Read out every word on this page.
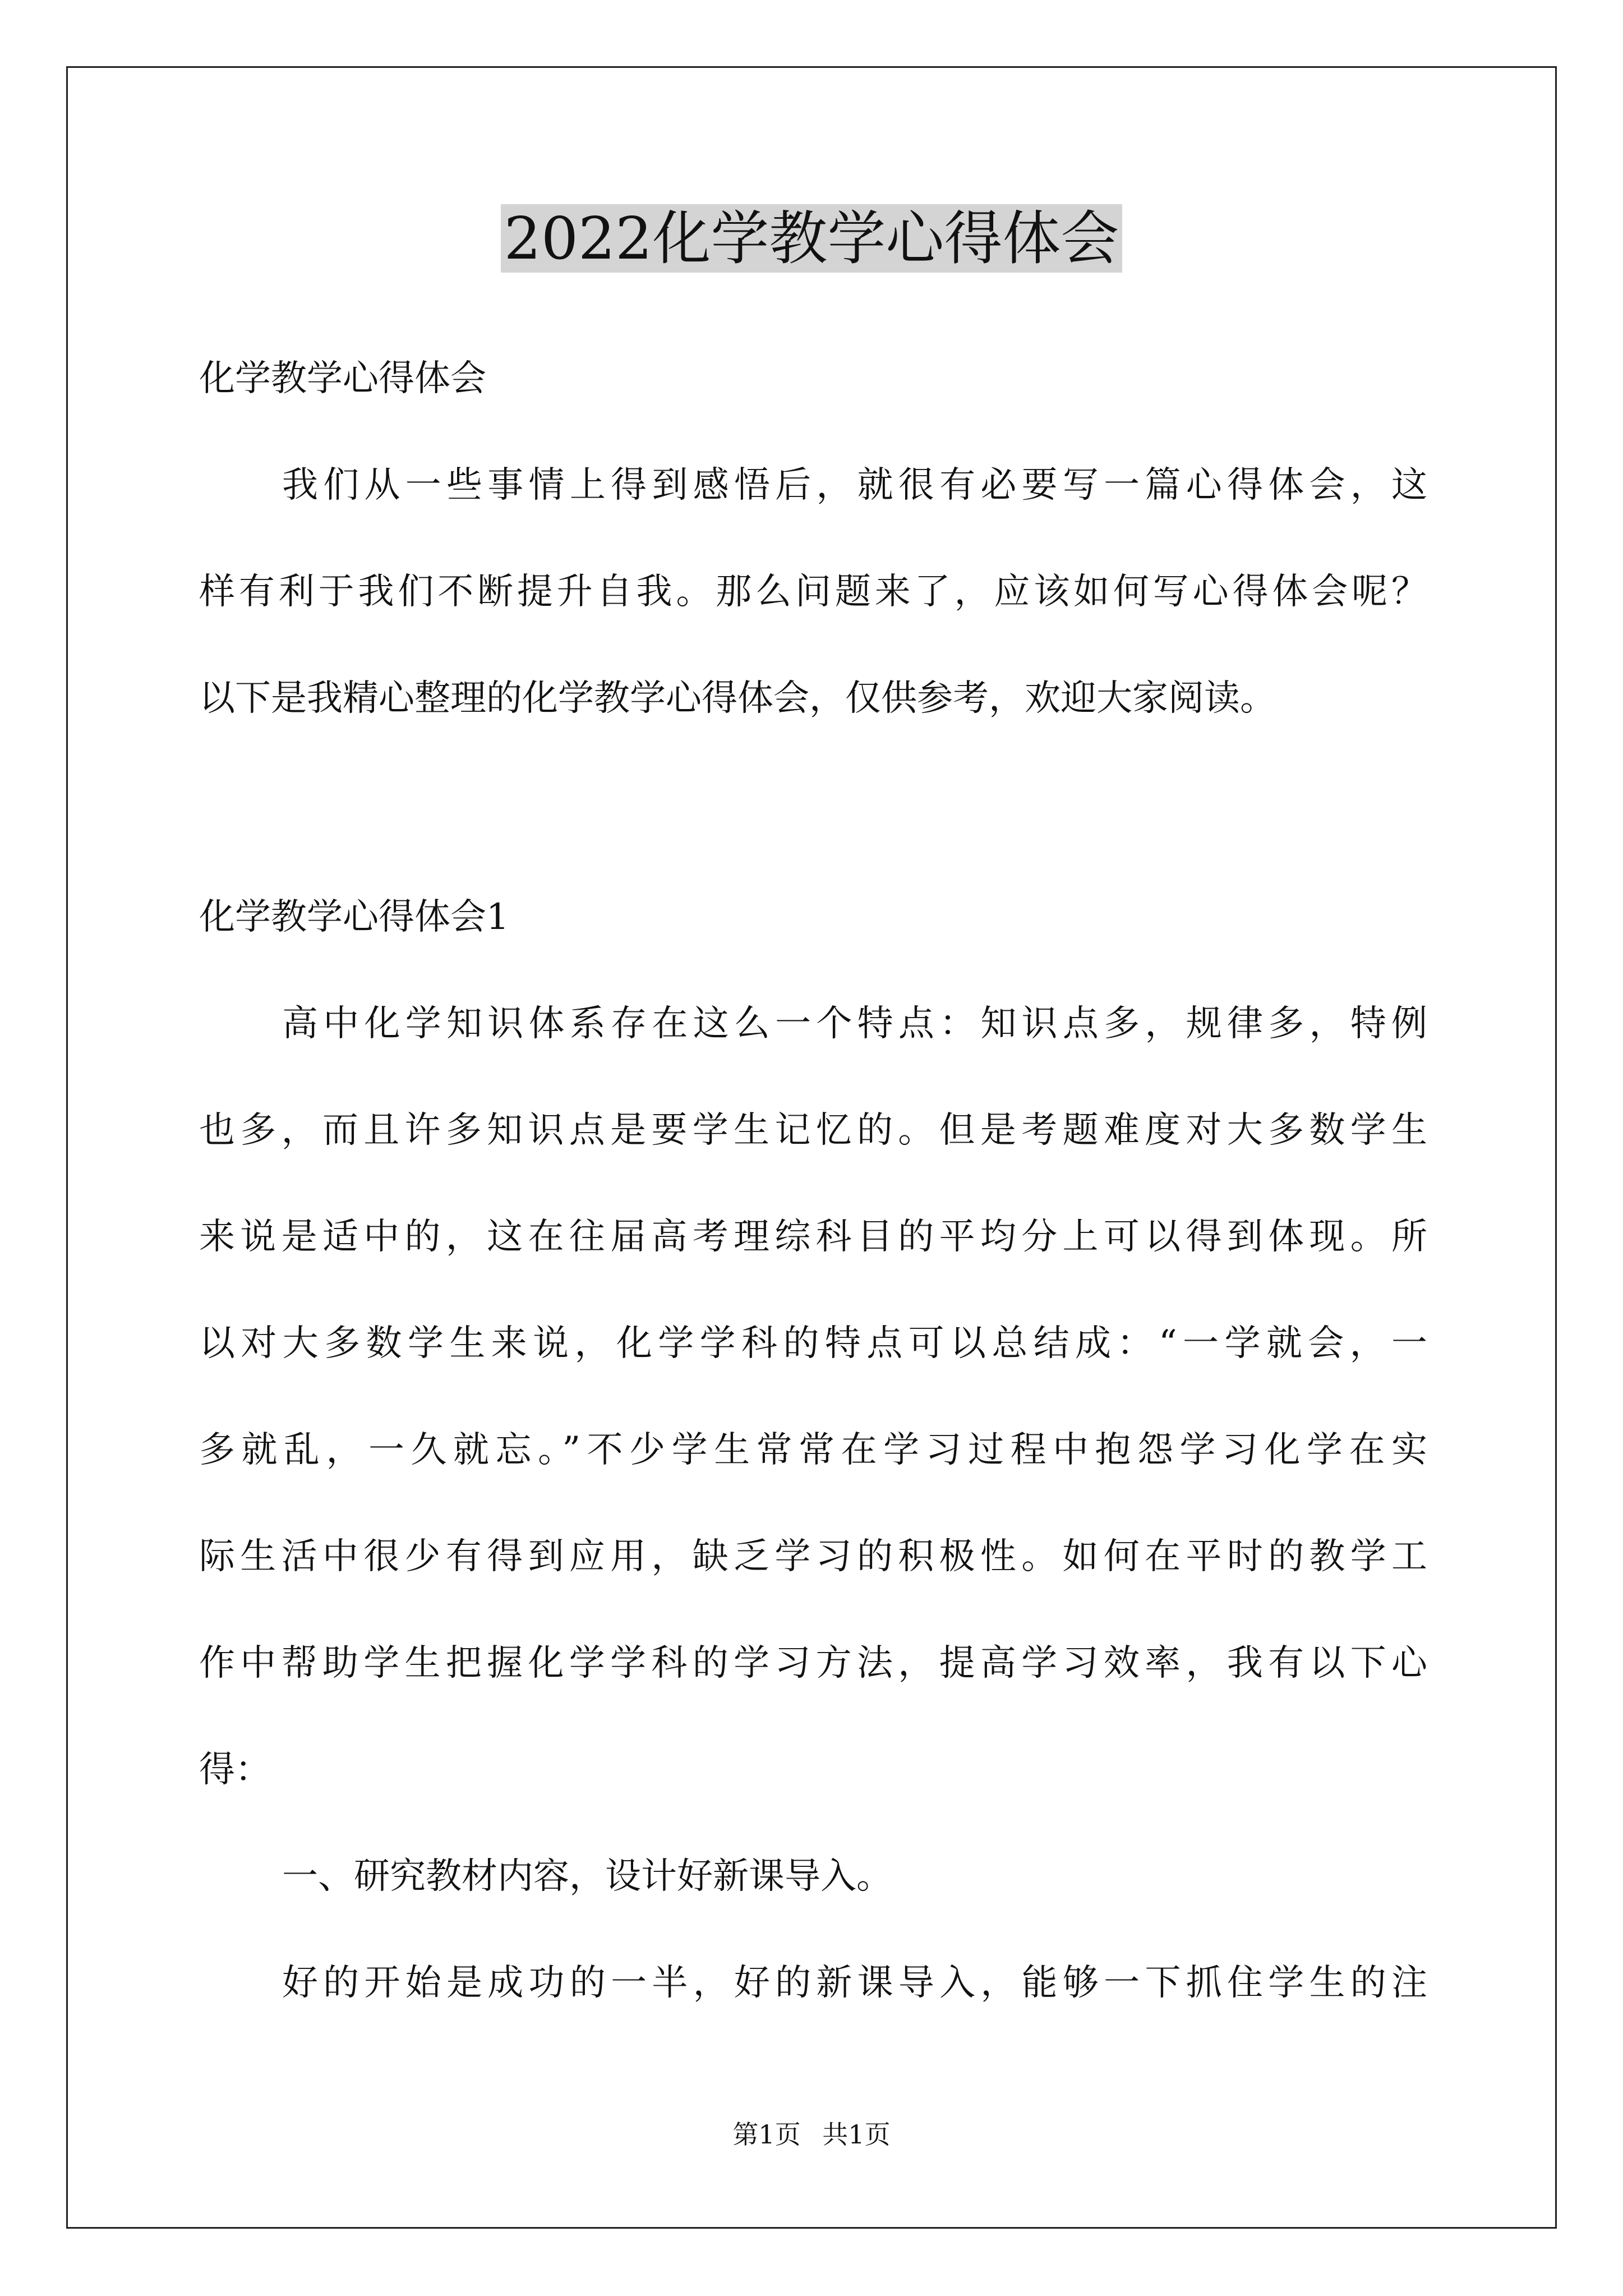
2022化学教学心得体会

化学教学心得体会

我们从一些事情上得到感悟后，就很有必要写一篇心得体会，这

样有利于我们不断提升自我。那么问题来了，应该如何写心得体会呢？

以下是我精心整理的化学教学心得体会，仅供参考，欢迎大家阅读。

化学教学心得体会1

高中化学知识体系存在这么一个特点：知识点多，规律多，特例

也多，而且许多知识点是要学生记忆的。但是考题难度对大多数学生

来说是适中的，这在往届高考理综科目的平均分上可以得到体现。所

以对大多数学生来说，化学学科的特点可以总结成：“一学就会，一

多就乱，一久就忘。”不少学生常常在学习过程中抱怨学习化学在实

际生活中很少有得到应用，缺乏学习的积极性。如何在平时的教学工

作中帮助学生把握化学学科的学习方法，提高学习效率，我有以下心

得：

一、研究教材内容，设计好新课导入。

好的开始是成功的一半，好的新课导入，能够一下抓住学生的注

第1页 共1页
